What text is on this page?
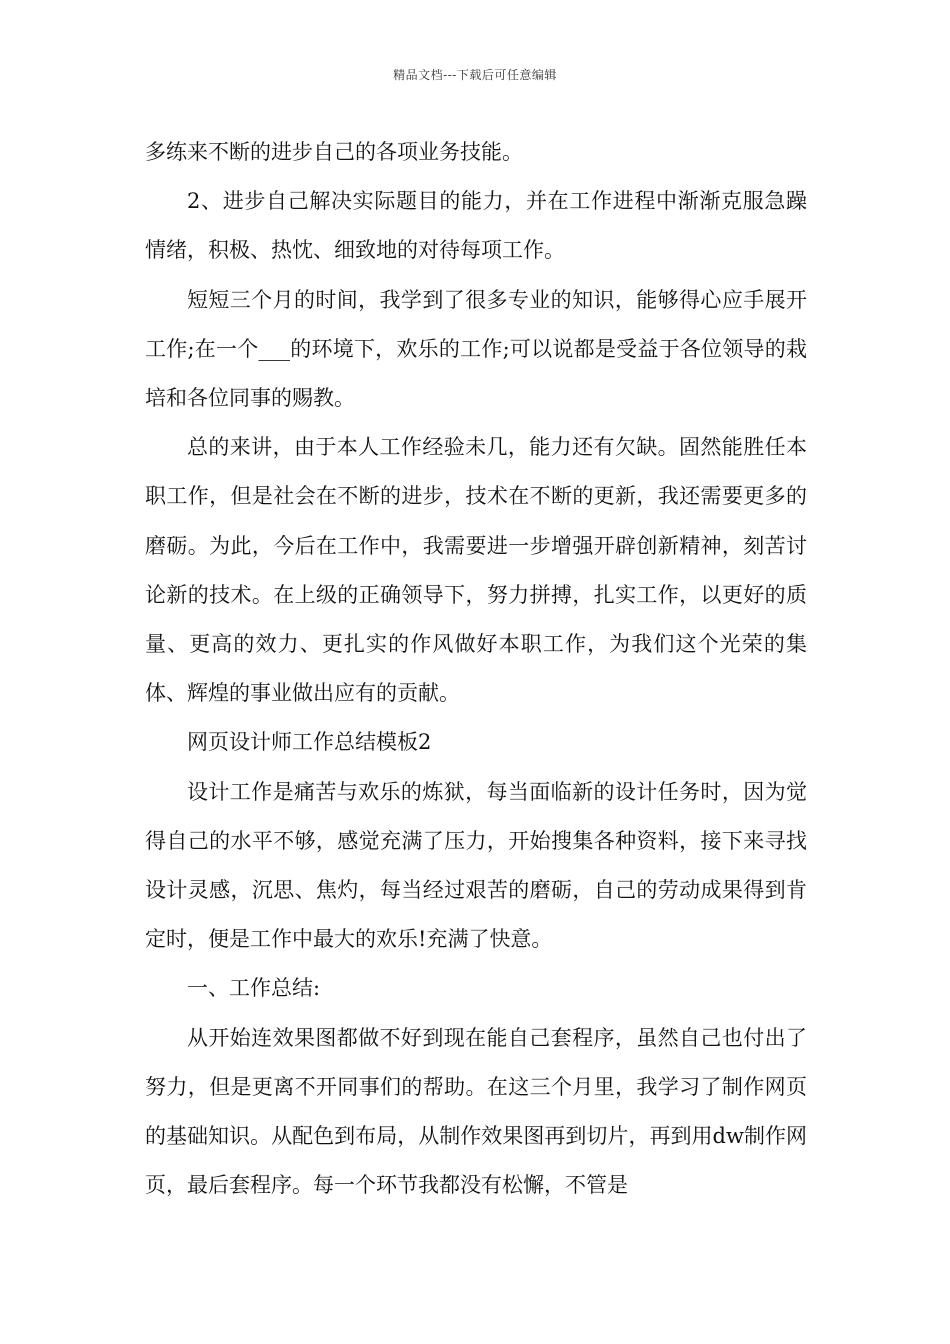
精品文档---下载后可任意编辑

多练来不断的进步自己的各项业务技能。

2、进步自己解决实际题目的能力，并在工作进程中渐渐克服急躁情绪，积极、热忱、细致地的对待每项工作。

短短三个月的时间，我学到了很多专业的知识，能够得心应手展开工作;在一个___的环境下，欢乐的工作;可以说都是受益于各位领导的栽培和各位同事的赐教。

总的来讲，由于本人工作经验未几，能力还有欠缺。固然能胜任本职工作，但是社会在不断的进步，技术在不断的更新，我还需要更多的磨砺。为此，今后在工作中，我需要进一步增强开辟创新精神，刻苦讨论新的技术。在上级的正确领导下，努力拼搏，扎实工作，以更好的质量、更高的效力、更扎实的作风做好本职工作，为我们这个光荣的集体、辉煌的事业做出应有的贡献。

网页设计师工作总结模板2

设计工作是痛苦与欢乐的炼狱，每当面临新的设计任务时，因为觉得自己的水平不够，感觉充满了压力，开始搜集各种资料，接下来寻找设计灵感，沉思、焦灼，每当经过艰苦的磨砺，自己的劳动成果得到肯定时，便是工作中最大的欢乐!充满了快意。

一、工作总结:

从开始连效果图都做不好到现在能自己套程序，虽然自己也付出了努力，但是更离不开同事们的帮助。在这三个月里，我学习了制作网页的基础知识。从配色到布局，从制作效果图再到切片，再到用dw制作网页，最后套程序。每一个环节我都没有松懈，不管是
